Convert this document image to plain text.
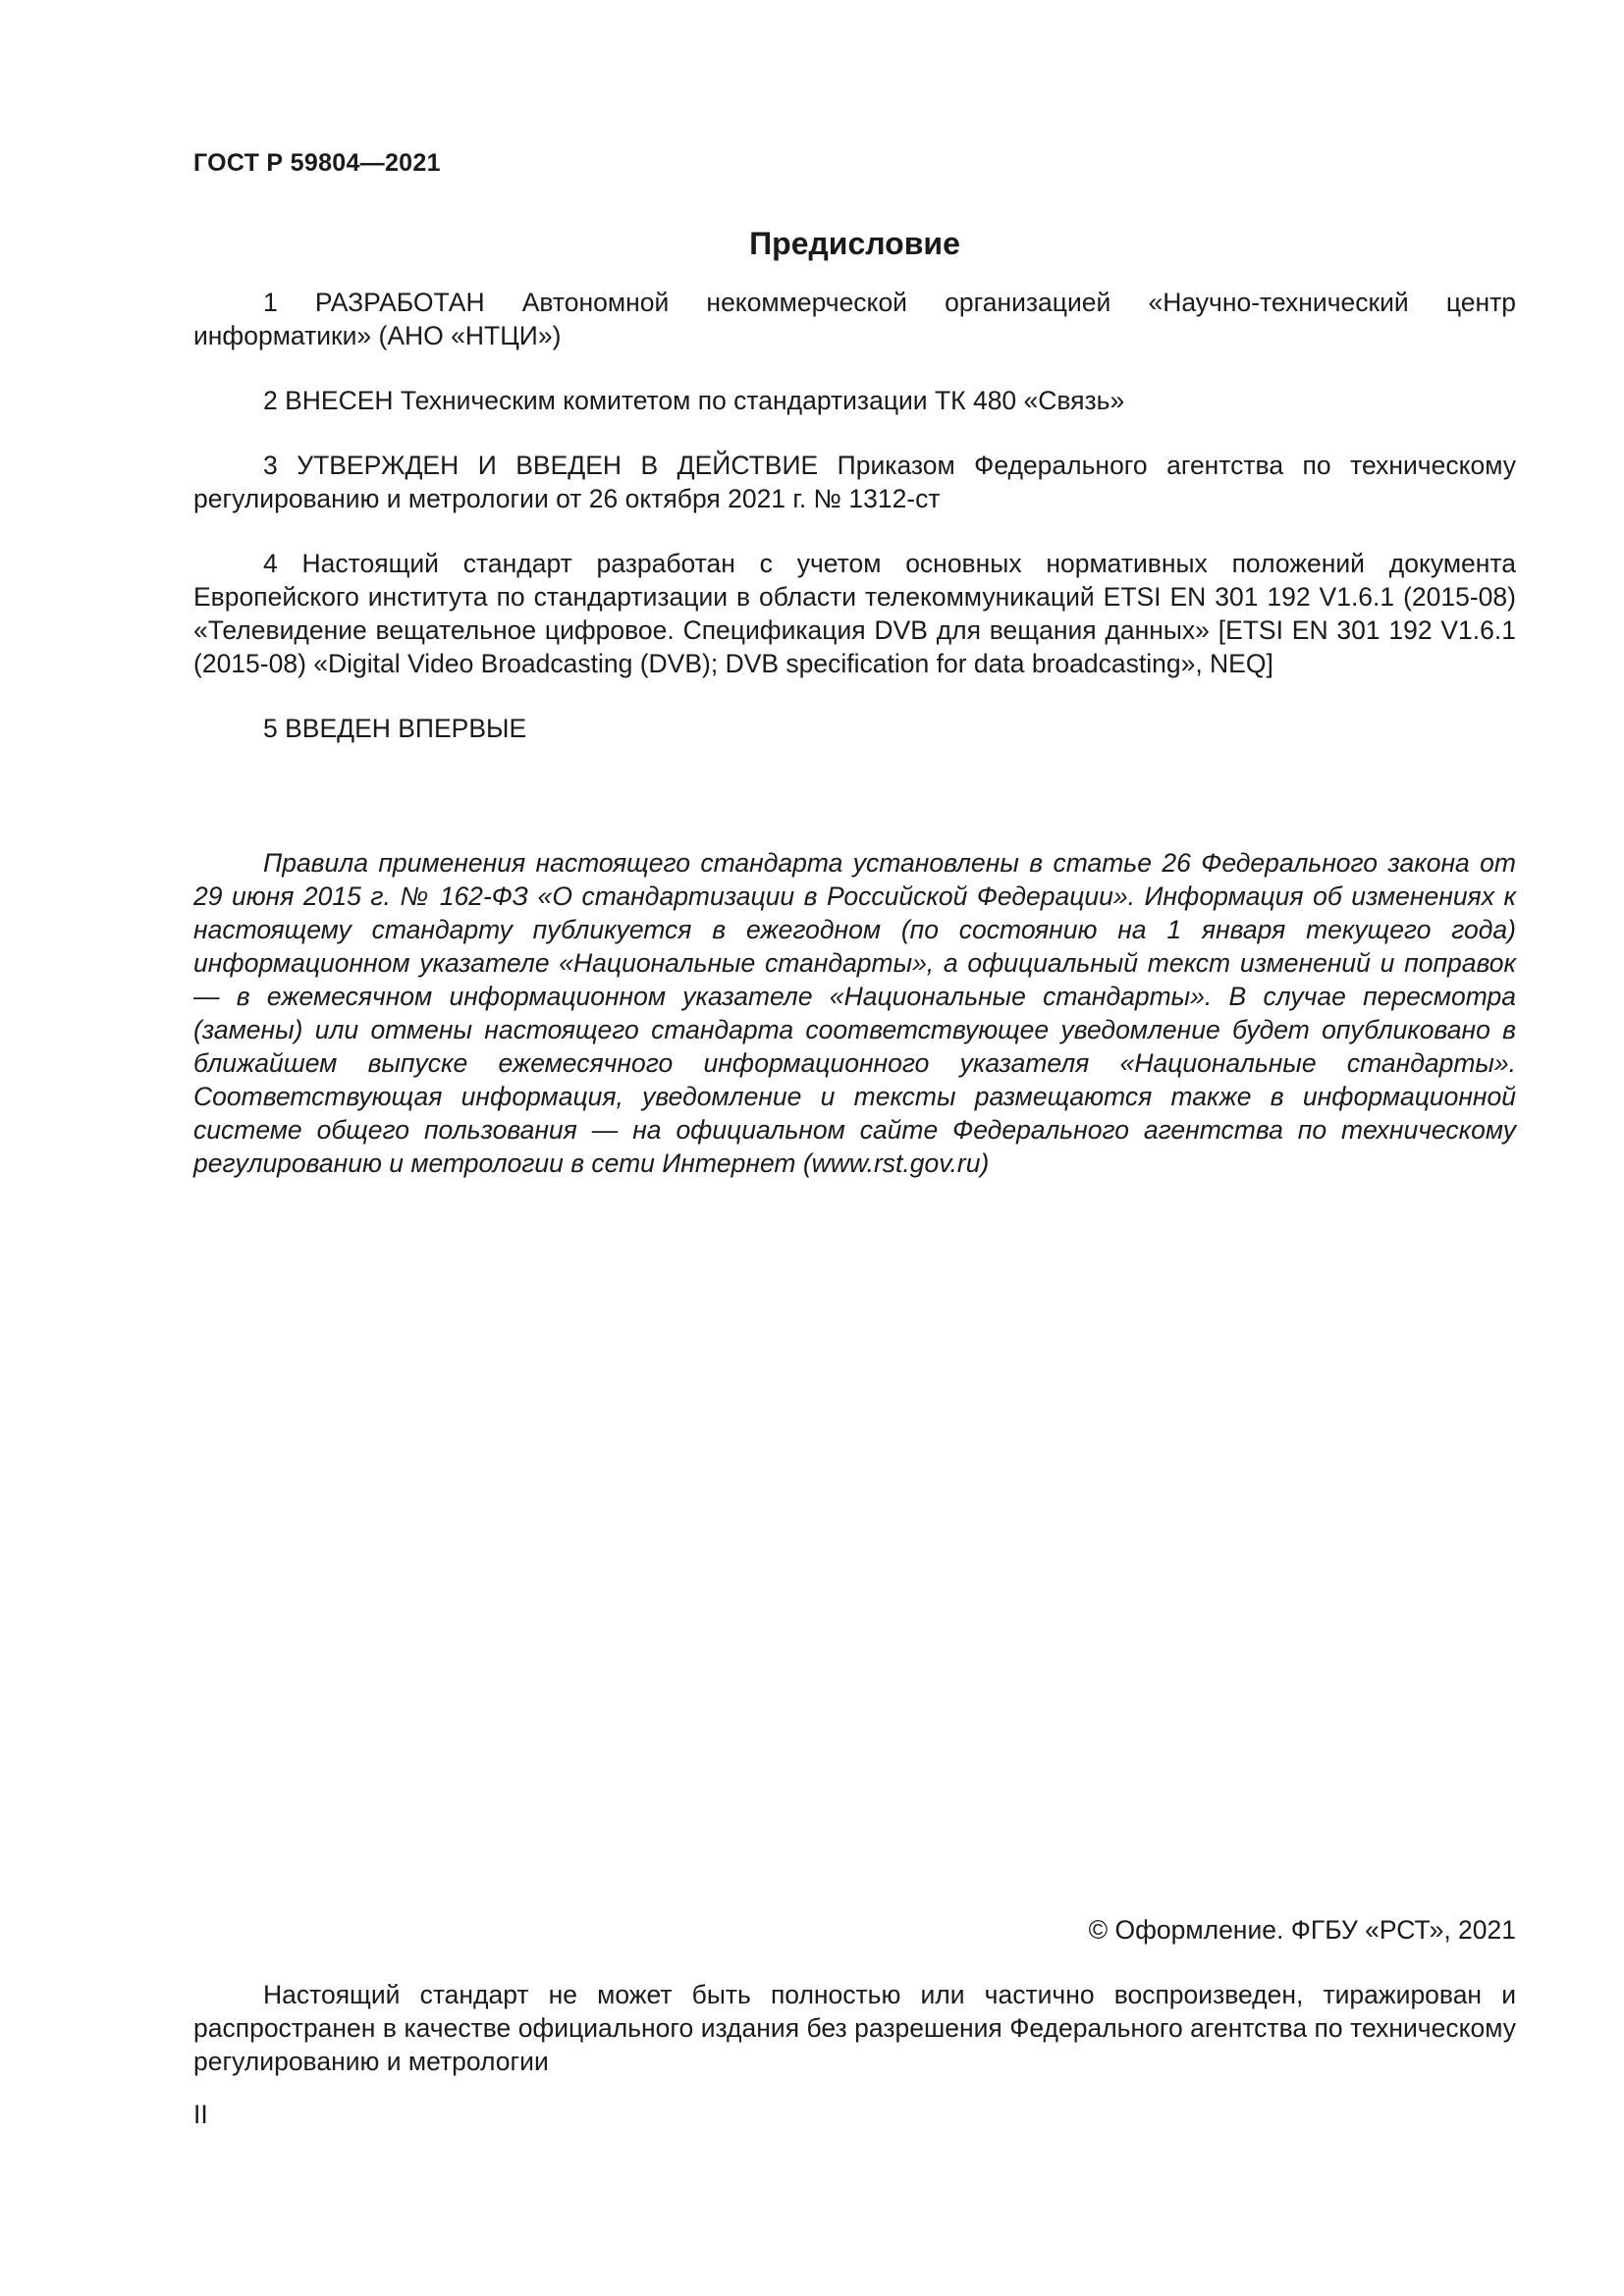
ГОСТ Р 59804—2021
Предисловие

1 РАЗРАБОТАН Автономной некоммерческой организацией «Научно-технический центр информатики» (АНО «НТЦИ»)

2 ВНЕСЕН Техническим комитетом по стандартизации ТК 480 «Связь»

3 УТВЕРЖДЕН И ВВЕДЕН В ДЕЙСТВИЕ Приказом Федерального агентства по техническому регулированию и метрологии от 26 октября 2021 г. № 1312-ст

4 Настоящий стандарт разработан с учетом основных нормативных положений документа Европейского института по стандартизации в области телекоммуникаций ETSI EN 301 192 V1.6.1 (2015-08) «Телевидение вещательное цифровое. Спецификация DVB для вещания данных» [ETSI EN 301 192 V1.6.1 (2015-08) «Digital Video Broadcasting (DVB); DVB specification for data broadcasting», NEQ]

5 ВВЕДЕН ВПЕРВЫЕ

Правила применения настоящего стандарта установлены в статье 26 Федерального закона от 29 июня 2015 г. № 162-ФЗ «О стандартизации в Российской Федерации». Информация об изменениях к настоящему стандарту публикуется в ежегодном (по состоянию на 1 января текущего года) информационном указателе «Национальные стандарты», а официальный текст изменений и поправок — в ежемесячном информационном указателе «Национальные стандарты». В случае пересмотра (замены) или отмены настоящего стандарта соответствующее уведомление будет опубликовано в ближайшем выпуске ежемесячного информационного указателя «Национальные стандарты». Соответствующая информация, уведомление и тексты размещаются также в информационной системе общего пользования — на официальном сайте Федерального агентства по техническому регулированию и метрологии в сети Интернет (www.rst.gov.ru)

© Оформление. ФГБУ «РСТ», 2021

Настоящий стандарт не может быть полностью или частично воспроизведен, тиражирован и распространен в качестве официального издания без разрешения Федерального агентства по техническому регулированию и метрологии

II
